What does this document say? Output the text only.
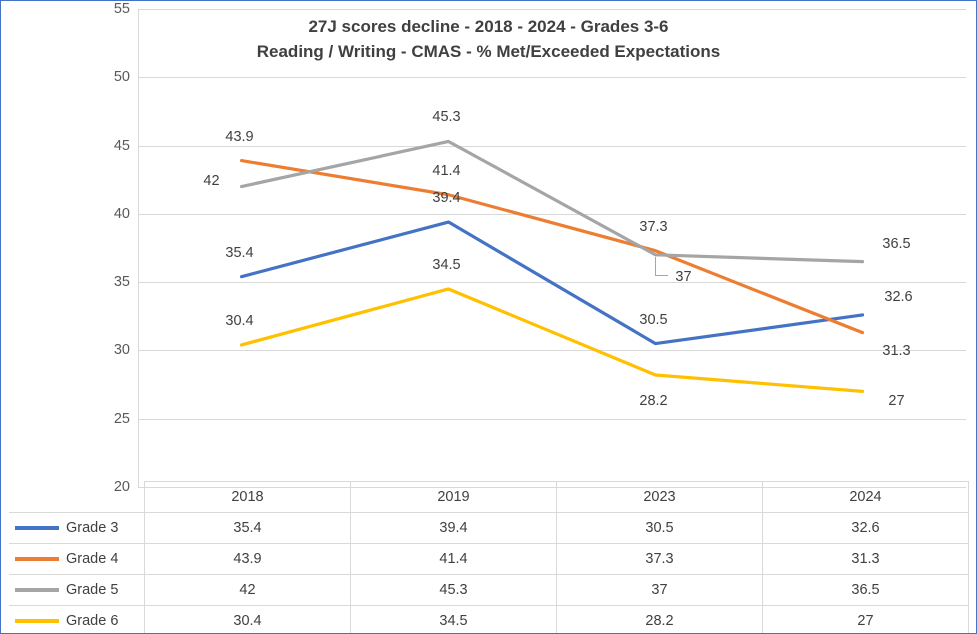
27J scores decline - 2018 - 2024 - Grades 3-6
Reading / Writing - CMAS - % Met/Exceeded Expectations
20
25
30
35
40
45
50
55
35.4
39.4
30.5
32.6
43.9
41.4
37.3
31.3
42
45.3
37
36.5
30.4
34.5
28.2	27
	2018	2019	2023	2024

Grade 3	35.4	39.4	30.5	32.6

Grade 4	43.9	41.4	37.3	31.3

Grade 5	42	45.3	37	36.5

Grade 6	30.4	34.5	28.2	27
